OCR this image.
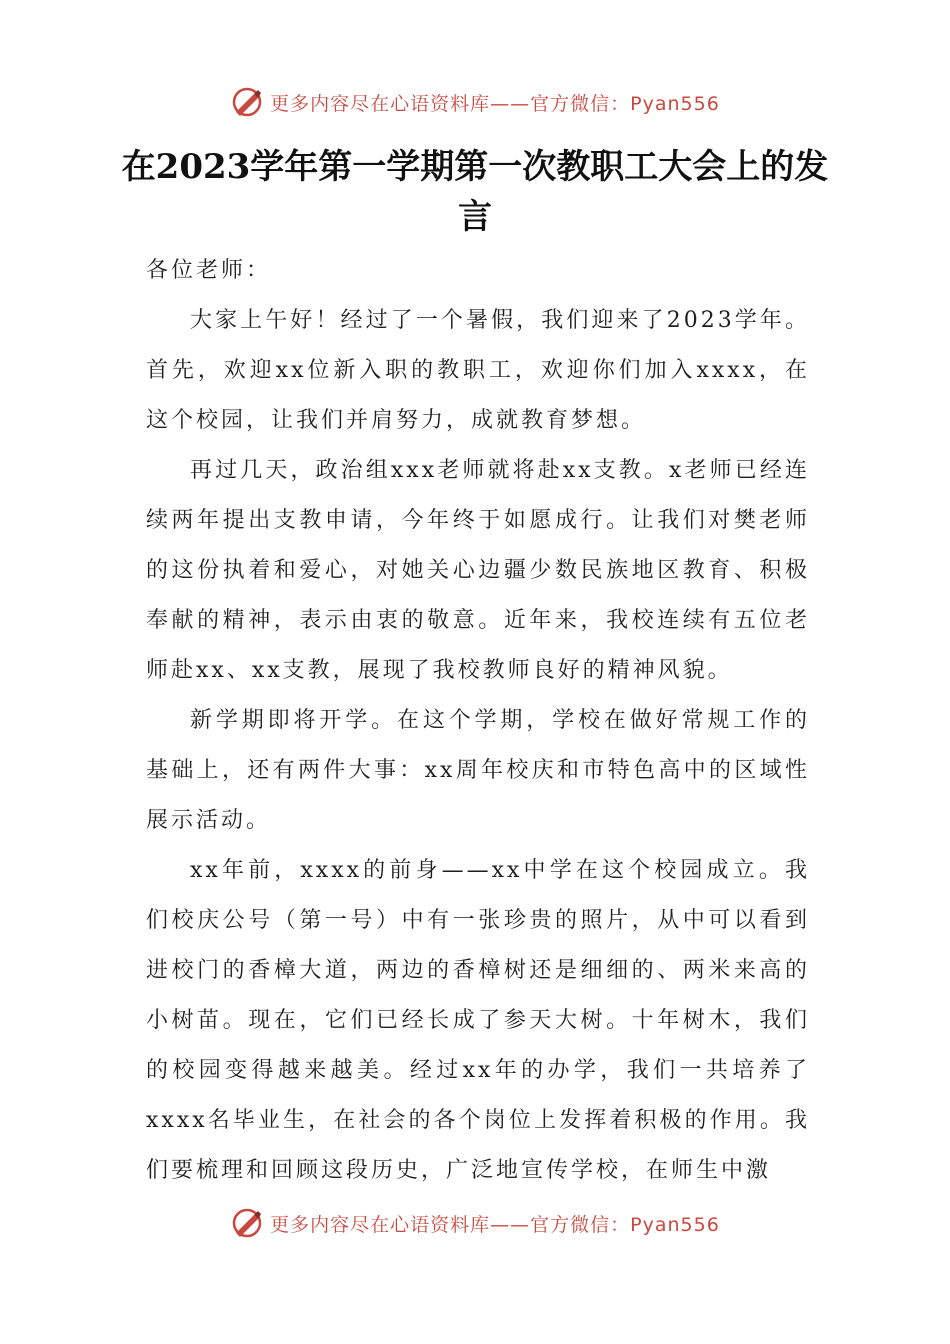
更多内容尽在心语资料库——官方微信：Pyan556
在2023学年第一学期第一次教职工大会上的发言

各位老师：

大家上午好！经过了一个暑假，我们迎来了2023学年。首先，欢迎xx位新入职的教职工，欢迎你们加入xxxx，在这个校园，让我们并肩努力，成就教育梦想。

再过几天，政治组xxx老师就将赴xx支教。x老师已经连续两年提出支教申请，今年终于如愿成行。让我们对樊老师的这份执着和爱心，对她关心边疆少数民族地区教育、积极奉献的精神，表示由衷的敬意。近年来，我校连续有五位老师赴xx、xx支教，展现了我校教师良好的精神风貌。

新学期即将开学。在这个学期，学校在做好常规工作的基础上，还有两件大事：xx周年校庆和市特色高中的区域性展示活动。

xx年前，xxxx的前身——xx中学在这个校园成立。我们校庆公号（第一号）中有一张珍贵的照片，从中可以看到进校门的香樟大道，两边的香樟树还是细细的、两米来高的小树苗。现在，它们已经长成了参天大树。十年树木，我们的校园变得越来越美。经过xx年的办学，我们一共培养了xxxx名毕业生，在社会的各个岗位上发挥着积极的作用。我们要梳理和回顾这段历史，广泛地宣传学校，在师生中激

更多内容尽在心语资料库——官方微信：Pyan556
